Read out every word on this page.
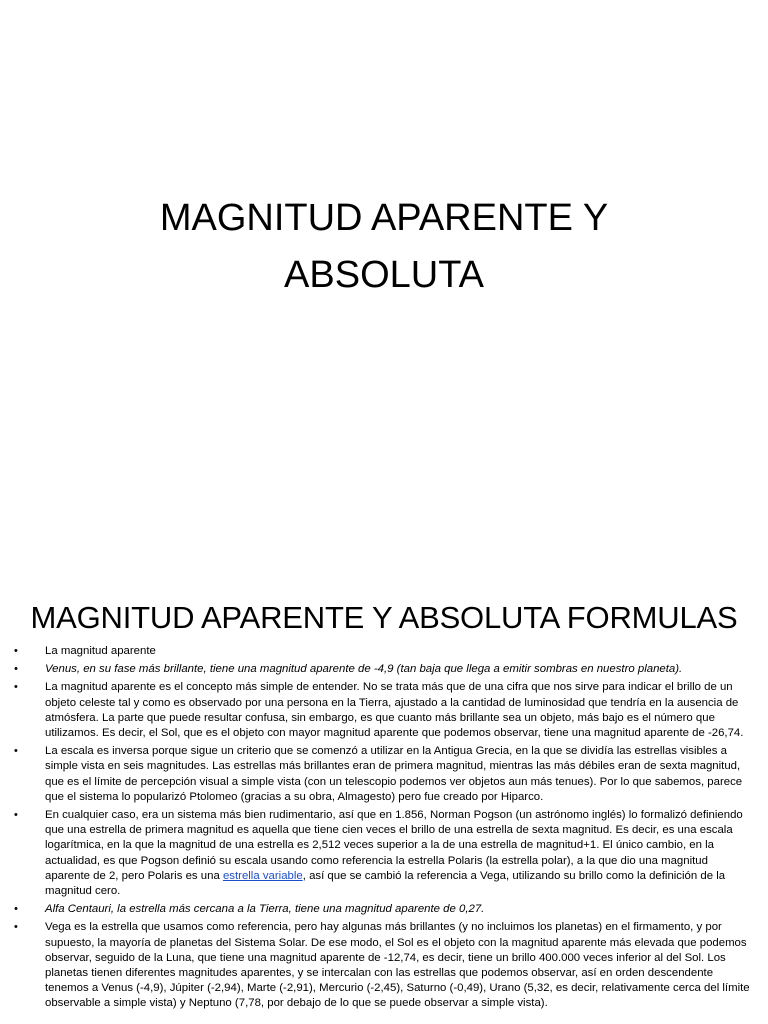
MAGNITUD APARENTE Y ABSOLUTA
MAGNITUD APARENTE Y ABSOLUTA FORMULAS
• La magnitud aparente
• Venus, en su fase más brillante, tiene una magnitud aparente de -4,9 (tan baja que llega a emitir sombras en nuestro planeta).
• La magnitud aparente es el concepto más simple de entender. No se trata más que de una cifra que nos sirve para indicar el brillo de un objeto celeste tal y como es observado por una persona en la Tierra, ajustado a la cantidad de luminosidad que tendría en la ausencia de atmósfera. La parte que puede resultar confusa, sin embargo, es que cuanto más brillante sea un objeto, más bajo es el número que utilizamos. Es decir, el Sol, que es el objeto con mayor magnitud aparente que podemos observar, tiene una magnitud aparente de -26,74.
• La escala es inversa porque sigue un criterio que se comenzó a utilizar en la Antigua Grecia, en la que se dividía las estrellas visibles a simple vista en seis magnitudes. Las estrellas más brillantes eran de primera magnitud, mientras las más débiles eran de sexta magnitud, que es el límite de percepción visual a simple vista (con un telescopio podemos ver objetos aun más tenues). Por lo que sabemos, parece que el sistema lo popularizó Ptolomeo (gracias a su obra, Almagesto) pero fue creado por Hiparco.
• En cualquier caso, era un sistema más bien rudimentario, así que en 1.856, Norman Pogson (un astrónomo inglés) lo formalizó definiendo que una estrella de primera magnitud es aquella que tiene cien veces el brillo de una estrella de sexta magnitud. Es decir, es una escala logarítmica, en la que la magnitud de una estrella es 2,512 veces superior a la de una estrella de magnitud+1. El único cambio, en la actualidad, es que Pogson definió su escala usando como referencia la estrella Polaris (la estrella polar), a la que dio una magnitud aparente de 2, pero Polaris es una estrella variable, así que se cambió la referencia a Vega, utilizando su brillo como la definición de la magnitud cero.
• Alfa Centauri, la estrella más cercana a la Tierra, tiene una magnitud aparente de 0,27.
• Vega es la estrella que usamos como referencia, pero hay algunas más brillantes (y no incluimos los planetas) en el firmamento, y por supuesto, la mayoría de planetas del Sistema Solar. De ese modo, el Sol es el objeto con la magnitud aparente más elevada que podemos observar, seguido de la Luna, que tiene una magnitud aparente de -12,74, es decir, tiene un brillo 400.000 veces inferior al del Sol. Los planetas tienen diferentes magnitudes aparentes, y se intercalan con las estrellas que podemos observar, así en orden descendente tenemos a Venus (-4,9), Júpiter (-2,94), Marte (-2,91), Mercurio (-2,45), Saturno (-0,49), Urano (5,32, es decir, relativamente cerca del límite observable a simple vista) y Neptuno (7,78, por debajo de lo que se puede observar a simple vista).
